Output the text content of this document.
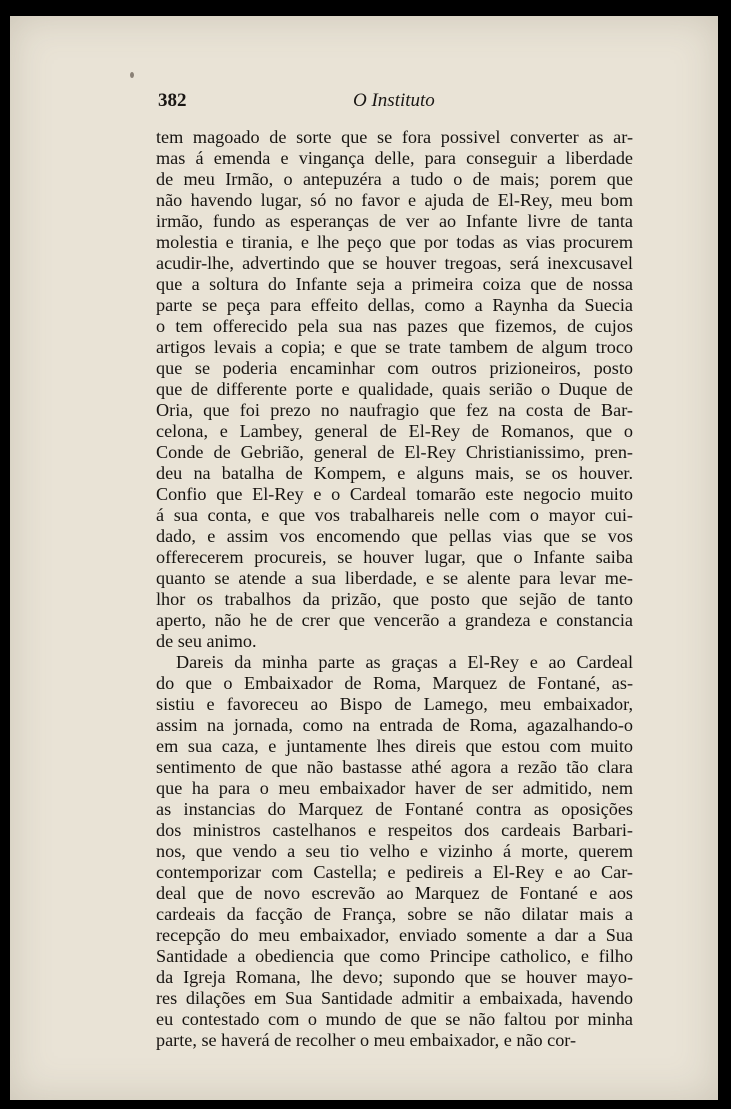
382	O Instituto
tem magoado de sorte que se fora possivel converter as ar-
mas á emenda e vingança delle, para conseguir a liberdade
de meu Irmão, o antepuzéra a tudo o de mais; porem que
não havendo lugar, só no favor e ajuda de El-Rey, meu bom
irmão, fundo as esperanças de ver ao Infante livre de tanta
molestia e tirania, e lhe peço que por todas as vias procurem
acudir-lhe, advertindo que se houver tregoas, será inexcusavel
que a soltura do Infante seja a primeira coiza que de nossa
parte se peça para effeito dellas, como a Raynha da Suecia
o tem offerecido pela sua nas pazes que fizemos, de cujos
artigos levais a copia; e que se trate tambem de algum troco
que se poderia encaminhar com outros prizioneiros, posto
que de differente porte e qualidade, quais serião o Duque de
Oria, que foi prezo no naufragio que fez na costa de Bar-
celona, e Lambey, general de El-Rey de Romanos, que o
Conde de Gebrião, general de El-Rey Christianissimo, pren-
deu na batalha de Kompem, e alguns mais, se os houver.
Confio que El-Rey e o Cardeal tomarão este negocio muito
á sua conta, e que vos trabalhareis nelle com o mayor cui-
dado, e assim vos encomendo que pellas vias que se vos
offerecerem procureis, se houver lugar, que o Infante saiba
quanto se atende a sua liberdade, e se alente para levar me-
lhor os trabalhos da prizão, que posto que sejão de tanto
aperto, não he de crer que vencerão a grandeza e constancia
de seu animo.
Dareis da minha parte as graças a El-Rey e ao Cardeal
do que o Embaixador de Roma, Marquez de Fontané, as-
sistiu e favoreceu ao Bispo de Lamego, meu embaixador,
assim na jornada, como na entrada de Roma, agazalhando-o
em sua caza, e juntamente lhes direis que estou com muito
sentimento de que não bastasse athé agora a rezão tão clara
que ha para o meu embaixador haver de ser admitido, nem
as instancias do Marquez de Fontané contra as oposições
dos ministros castelhanos e respeitos dos cardeais Barbari-
nos, que vendo a seu tio velho e vizinho á morte, querem
contemporizar com Castella; e pedireis a El-Rey e ao Car-
deal que de novo escrevão ao Marquez de Fontané e aos
cardeais da facção de França, sobre se não dilatar mais a
recepção do meu embaixador, enviado somente a dar a Sua
Santidade a obediencia que como Principe catholico, e filho
da Igreja Romana, lhe devo; supondo que se houver mayo-
res dilações em Sua Santidade admitir a embaixada, havendo
eu contestado com o mundo de que se não faltou por minha
parte, se haverá de recolher o meu embaixador, e não cor-
